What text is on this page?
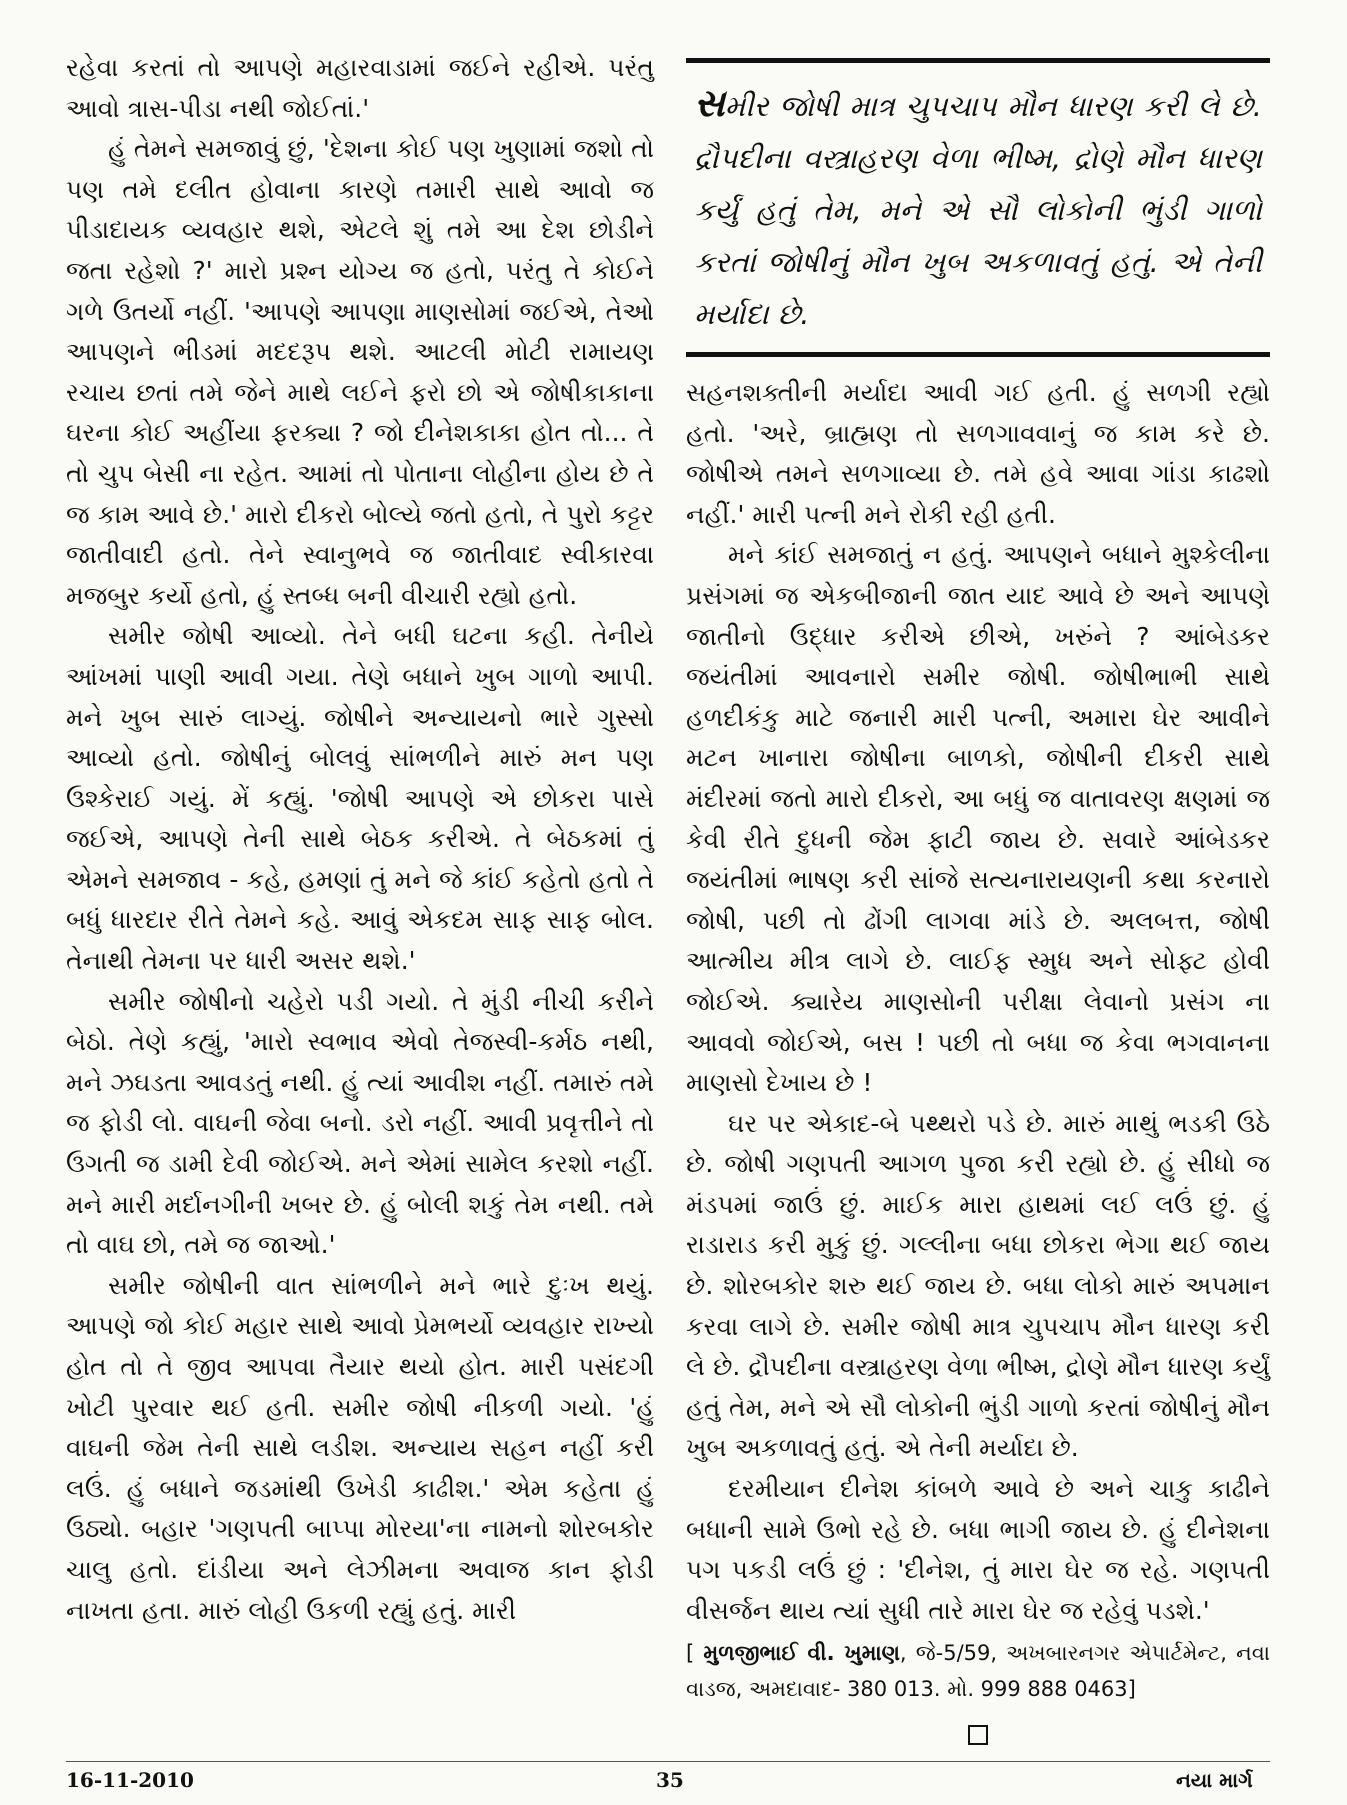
રહેવા કરતાં તો આપણે મહારવાડામાં જઈને રહીએ. પરંતુ આવો ત્રાસ-પીડા નથી જોઈતાં.'

હું તેમને સમજાવું છું, 'દેશના કોઈ પણ ખુણામાં જશો તો પણ તમે દલીત હોવાના કારણે તમારી સાથે આવો જ પીડાદાયક વ્યવહાર થશે, એટલે શું તમે આ દેશ છોડીને જતા રહેશો ?' મારો પ્રશ્ન યોગ્ય જ હતો, પરંતુ તે કોઈને ગળે ઉતર્યો નહીં. 'આપણે આપણા માણસોમાં જઈએ, તેઓ આપણને ભીડમાં મદદરૂપ થશે. આટલી મોટી રામાયણ રચાય છતાં તમે જેને માથે લઈને ફરો છો એ જોષીકાકાના ઘરના કોઈ અહીંયા ફરક્યા ? જો દીનેશકાકા હોત તો... તે તો ચુપ બેસી ના રહેત. આમાં તો પોતાના લોહીના હોય છે તે જ કામ આવે છે.' મારો દીકરો બોલ્યે જતો હતો, તે પુરો કટ્ટર જાતીવાદી હતો. તેને સ્વાનુભવે જ જાતીવાદ સ્વીકારવા મજબુર કર્યો હતો, હું સ્તબ્ધ બની વીચારી રહ્યો હતો.

સમીર જોષી આવ્યો. તેને બધી ઘટના કહી. તેનીયે આંખમાં પાણી આવી ગયા. તેણે બધાને ખુબ ગાળો આપી. મને ખુબ સારું લાગ્યું. જોષીને અન્યાયનો ભારે ગુસ્સો આવ્યો હતો. જોષીનું બોલવું સાંભળીને મારું મન પણ ઉશ્કેરાઈ ગયું. મેં કહ્યું. 'જોષી આપણે એ છોકરા પાસે જઈએ, આપણે તેની સાથે બેઠક કરીએ. તે બેઠકમાં તું એમને સમજાવ - કહે, હમણાં તું મને જે કાંઈ કહેતો હતો તે બધું ધારદાર રીતે તેમને કહે. આવું એકદમ સાફ સાફ બોલ. તેનાથી તેમના પર ધારી અસર થશે.'

સમીર જોષીનો ચહેરો પડી ગયો. તે મુંડી નીચી કરીને બેઠો. તેણે કહ્યું, 'મારો સ્વભાવ એવો તેજસ્વી-કર્મઠ નથી, મને ઝઘડતા આવડતું નથી. હું ત્યાં આવીશ નહીં. તમારું તમે જ ફોડી લો. વાઘની જેવા બનો. ડરો નહીં. આવી પ્રવૃત્તીને તો ઉગતી જ ડામી દેવી જોઈએ. મને એમાં સામેલ કરશો નહીં. મને મારી મર્દાનગીની ખબર છે. હું બોલી શકું તેમ નથી. તમે તો વાઘ છો, તમે જ જાઓ.'

સમીર જોષીની વાત સાંભળીને મને ભારે દુઃખ થયું. આપણે જો કોઈ મહાર સાથે આવો પ્રેમભર્યો વ્યવહાર રાખ્યો હોત તો તે જીવ આપવા તૈયાર થયો હોત. મારી પસંદગી ખોટી પુરવાર થઈ હતી. સમીર જોષી નીકળી ગયો. 'હું વાઘની જેમ તેની સાથે લડીશ. અન્યાય સહન નહીં કરી લઉં. હું બધાને જડમાંથી ઉખેડી કાઢીશ.' એમ કહેતા હું ઉઠ્યો. બહાર 'ગણપતી બાપ્પા મોરયા'ના નામનો શોરબકોર ચાલુ હતો. દાંડીયા અને લેઝીમના અવાજ કાન ફોડી નાખતા હતા. મારું લોહી ઉકળી રહ્યું હતું. મારી

સમીર જોષી માત્ર ચુપચાપ મૌન ધારણ કરી લે છે. દ્રૌપદીના વસ્ત્રાહરણ વેળા ભીષ્મ, દ્રોણે મૌન ધારણ કર્યું હતું તેમ, મને એ સૌ લોકોની ભુંડી ગાળો કરતાં જોષીનું મૌન ખુબ અકળાવતું હતું. એ તેની મર્યાદા છે.

સહનશક્તીની મર્યાદા આવી ગઈ હતી. હું સળગી રહ્યો હતો. 'અરે, બ્રાહ્મણ તો સળગાવવાનું જ કામ કરે છે. જોષીએ તમને સળગાવ્યા છે. તમે હવે આવા ગાંડા કાઢશો નહીં.' મારી પત્ની મને રોકી રહી હતી.

મને કાંઈ સમજાતું ન હતું. આપણને બધાને મુશ્કેલીના પ્રસંગમાં જ એકબીજાની જાત યાદ આવે છે અને આપણે જાતીનો ઉદ્ધાર કરીએ છીએ, ખરુંને ? આંબેડકર જયંતીમાં આવનારો સમીર જોષી. જોષીભાભી સાથે હળદીકંકુ માટે જનારી મારી પત્ની, અમારા ઘેર આવીને મટન ખાનારા જોષીના બાળકો, જોષીની દીકરી સાથે મંદીરમાં જતો મારો દીકરો, આ બધું જ વાતાવરણ ક્ષણમાં જ કેવી રીતે દુધની જેમ ફાટી જાય છે. સવારે આંબેડકર જયંતીમાં ભાષણ કરી સાંજે સત્યનારાયણની કથા કરનારો જોષી, પછી તો ઢોંગી લાગવા માંડે છે. અલબત્ત, જોષી આત્મીય મીત્ર લાગે છે. લાઈફ સ્મુધ અને સોફ્ટ હોવી જોઈએ. ક્યારેય માણસોની પરીક્ષા લેવાનો પ્રસંગ ના આવવો જોઈએ, બસ ! પછી તો બધા જ કેવા ભગવાનના માણસો દેખાય છે !

ઘર પર એકાદ-બે પથ્થરો પડે છે. મારું માથું ભડકી ઉઠે છે. જોષી ગણપતી આગળ પુજા કરી રહ્યો છે. હું સીધો જ મંડપમાં જાઉં છું. માઈક મારા હાથમાં લઈ લઉં છું. હું રાડારાડ કરી મુકું છું. ગલ્લીના બધા છોકરા ભેગા થઈ જાય છે. શોરબકોર શરુ થઈ જાય છે. બધા લોકો મારું અપમાન કરવા લાગે છે. સમીર જોષી માત્ર ચુપચાપ મૌન ધારણ કરી લે છે. દ્રૌપદીના વસ્ત્રાહરણ વેળા ભીષ્મ, દ્રોણે મૌન ધારણ કર્યું હતું તેમ, મને એ સૌ લોકોની ભુંડી ગાળો કરતાં જોષીનું મૌન ખુબ અકળાવતું હતું. એ તેની મર્યાદા છે.

દરમીયાન દીનેશ કાંબળે આવે છે અને ચાકુ કાઢીને બધાની સામે ઉભો રહે છે. બધા ભાગી જાય છે. હું દીનેશના પગ પકડી લઉં છું : 'દીનેશ, તું મારા ઘેર જ રહે. ગણપતી વીસર્જન થાય ત્યાં સુધી તારે મારા ઘેર જ રહેવું પડશે.'

[ મુળજીભાઈ વી. ખુમાણ, જે-5/59, અખબારનગર એપાર્ટમેન્ટ, નવા વાડજ, અમદાવાદ- 380 013. મો. 999 888 0463]
16-11-2010	35	નયા માર્ગ
